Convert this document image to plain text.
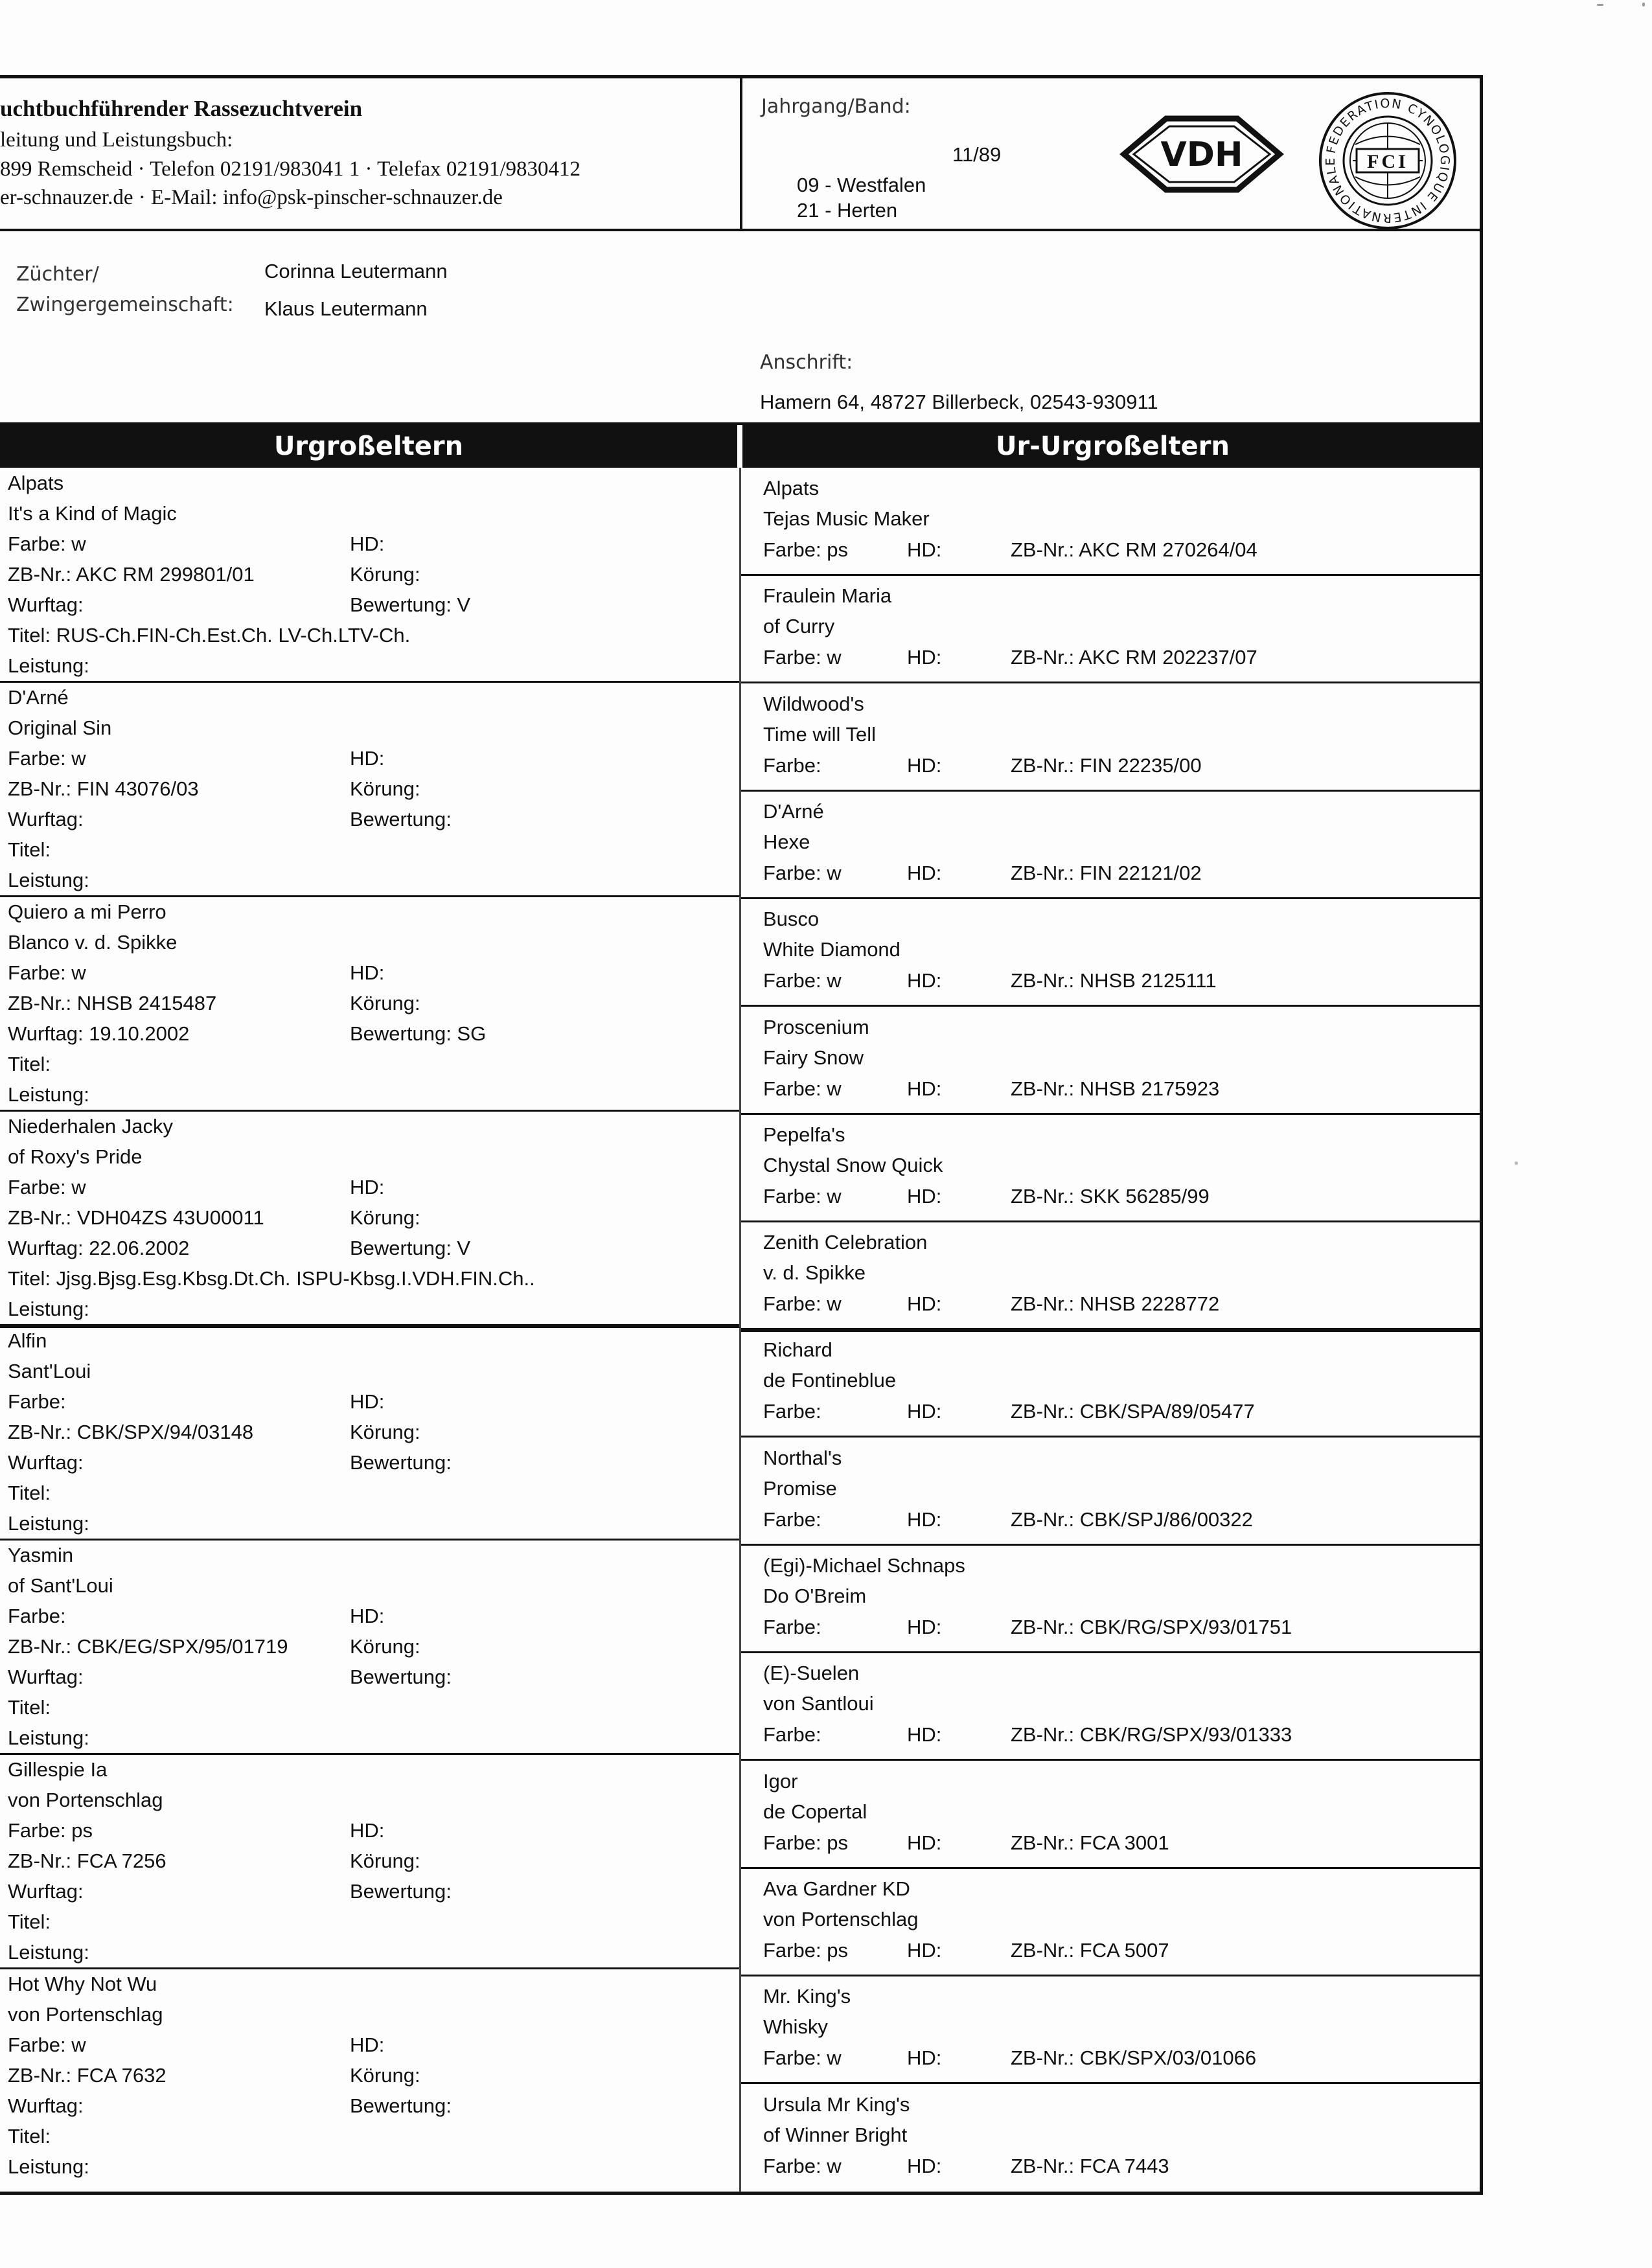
uchtbuchführender Rassezuchtverein
leitung und Leistungsbuch:
899 Remscheid · Telefon 02191/983041 1 · Telefax 02191/9830412
er-schnauzer.de · E-Mail: info@psk-pinscher-schnauzer.de
Jahrgang/Band:
11/89
09 - Westfalen
21 - Herten
VDH	FEDERATION CYNOLOGIQUE INTERNATIONALE	FCI
Züchter/
Zwingergemeinschaft:
Corinna Leutermann
Klaus Leutermann
Anschrift:
Hamern 64, 48727 Billerbeck, 02543-930911
Urgroßeltern	Ur-Urgroßeltern
Alpats
It's a Kind of Magic
Farbe: w	HD:
ZB-Nr.: AKC RM 299801/01	Körung:
Wurftag:	Bewertung: V
Titel: RUS-Ch.FIN-Ch.Est.Ch. LV-Ch.LTV-Ch.
Leistung:
D'Arné
Original Sin
Farbe: w	HD:
ZB-Nr.: FIN 43076/03	Körung:
Wurftag:	Bewertung:
Titel:
Leistung:
Quiero a mi Perro
Blanco v. d. Spikke
Farbe: w	HD:
ZB-Nr.: NHSB 2415487	Körung:
Wurftag: 19.10.2002	Bewertung: SG
Titel:
Leistung:
Niederhalen Jacky
of Roxy's Pride
Farbe: w	HD:
ZB-Nr.: VDH04ZS 43U00011	Körung:
Wurftag: 22.06.2002	Bewertung: V
Titel: Jjsg.Bjsg.Esg.Kbsg.Dt.Ch. ISPU-Kbsg.I.VDH.FIN.Ch..
Leistung:
Alfin
Sant'Loui
Farbe:	HD:
ZB-Nr.: CBK/SPX/94/03148	Körung:
Wurftag:	Bewertung:
Titel:
Leistung:
Yasmin
of Sant'Loui
Farbe:	HD:
ZB-Nr.: CBK/EG/SPX/95/01719	Körung:
Wurftag:	Bewertung:
Titel:
Leistung:
Gillespie Ia
von Portenschlag
Farbe: ps	HD:
ZB-Nr.: FCA 7256	Körung:
Wurftag:	Bewertung:
Titel:
Leistung:
Hot Why Not Wu
von Portenschlag
Farbe: w	HD:
ZB-Nr.: FCA 7632	Körung:
Wurftag:	Bewertung:
Titel:
Leistung:
Alpats
Tejas Music Maker
Farbe: ps	HD:	ZB-Nr.: AKC RM 270264/04
Fraulein Maria
of Curry
Farbe: w	HD:	ZB-Nr.: AKC RM 202237/07
Wildwood's
Time will Tell
Farbe:	HD:	ZB-Nr.: FIN 22235/00
D'Arné
Hexe
Farbe: w	HD:	ZB-Nr.: FIN 22121/02
Busco
White Diamond
Farbe: w	HD:	ZB-Nr.: NHSB 2125111
Proscenium
Fairy Snow
Farbe: w	HD:	ZB-Nr.: NHSB 2175923
Pepelfa's
Chystal Snow Quick
Farbe: w	HD:	ZB-Nr.: SKK 56285/99
Zenith Celebration
v. d. Spikke
Farbe: w	HD:	ZB-Nr.: NHSB 2228772
Richard
de Fontineblue
Farbe:	HD:	ZB-Nr.: CBK/SPA/89/05477
Northal's
Promise
Farbe:	HD:	ZB-Nr.: CBK/SPJ/86/00322
(Egi)-Michael Schnaps
Do O'Breim
Farbe:	HD:	ZB-Nr.: CBK/RG/SPX/93/01751
(E)-Suelen
von Santloui
Farbe:	HD:	ZB-Nr.: CBK/RG/SPX/93/01333
Igor
de Copertal
Farbe: ps	HD:	ZB-Nr.: FCA 3001
Ava Gardner KD
von Portenschlag
Farbe: ps	HD:	ZB-Nr.: FCA 5007
Mr. King's
Whisky
Farbe: w	HD:	ZB-Nr.: CBK/SPX/03/01066
Ursula Mr King's
of Winner Bright
Farbe: w	HD:	ZB-Nr.: FCA 7443
